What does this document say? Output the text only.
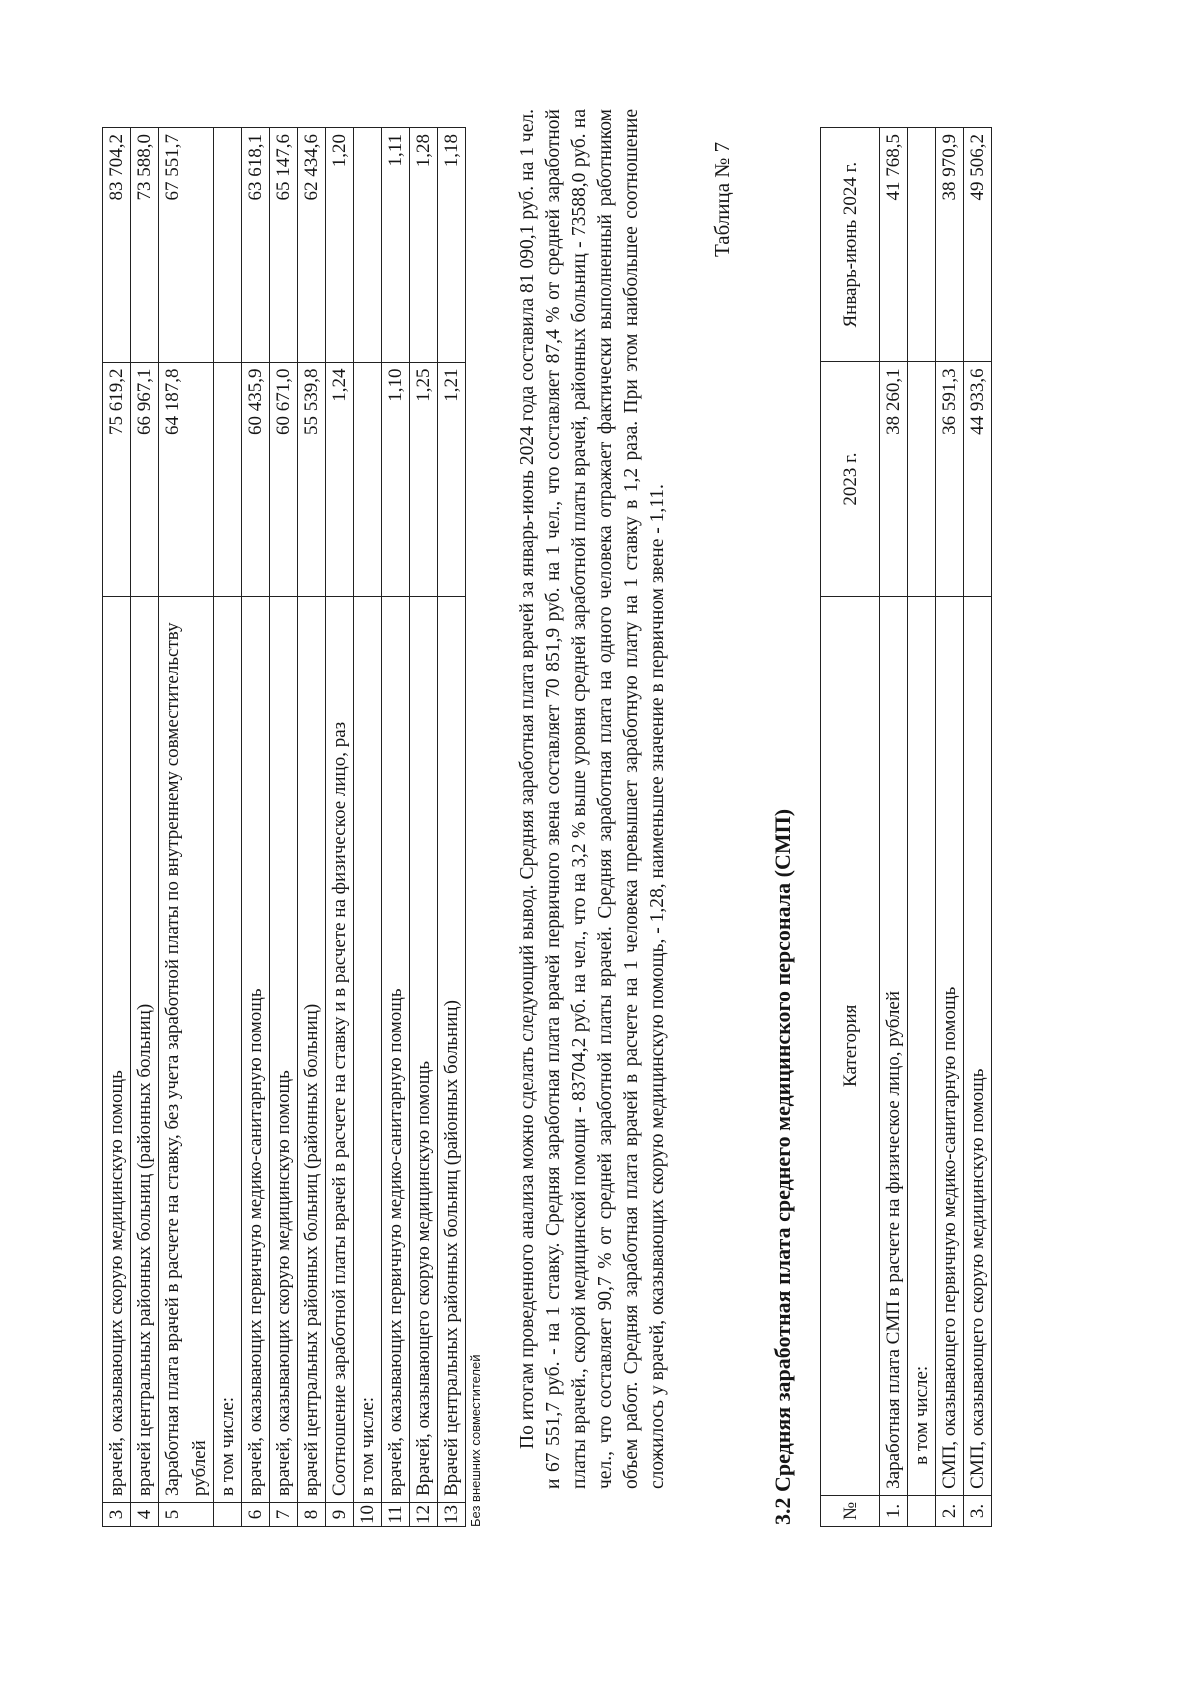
3	врачей, оказывающих скорую медицинскую помощь	75 619,2	83 704,2
4	врачей центральных районных больниц (районных больниц)	66 967,1	73 588,0
5	Заработная плата врачей в расчете на ставку, без учета заработной платы по внутреннему совместительству рублей	64 187,8	67 551,7
	в том числе:		
6	врачей, оказывающих первичную медико-санитарную помощь	60 435,9	63 618,1
7	врачей, оказывающих скорую медицинскую помощь	60 671,0	65 147,6
8	врачей центральных районных больниц (районных больниц)	55 539,8	62 434,6
9	Соотношение заработной платы врачей в расчете на ставку и в расчете на физическое лицо, раз	1,24	1,20
10	в том числе:		
11	врачей, оказывающих первичную медико-санитарную помощь	1,10	1,11
12	Врачей, оказывающего скорую медицинскую помощь	1,25	1,28
13	Врачей центральных районных больниц (районных больниц)	1,21	1,18
Без внешних совместителей По итогам проведенного анализа можно сделать следующий вывод. Средняя заработная плата врачей за январь-июнь 2024 года составила 81 090,1 руб. на 1 чел. и 67 551,7 руб. - на 1 ставку. Средняя заработная плата врачей первичного звена составляет 70 851,9 руб. на 1 чел., что составляет 87,4 % от средней заработной платы врачей., скорой медицинской помощи - 83704,2 руб. на чел., что на 3,2 % выше уровня средней заработной платы врачей, районных больниц - 73588,0 руб. на чел., что составляет 90,7 % от средней заработной платы врачей. Средняя заработная плата на одного человека отражает фактически выполненный работником объем работ. Средняя заработная плата врачей в расчете на 1 человека превышает заработную плату на 1 ставку в 1,2 раза. При этом наибольшее соотношение сложилось у врачей, оказывающих скорую медицинскую помощь, - 1,28, наименьшее значение в первичном звене - 1,11.

Таблица № 7
3.2 Средняя заработная плата среднего медицинского персонала (СМП) №	Категория	2023 г.	Январь-июнь 2024 г.
1.	Заработная плата СМП в расчете на физическое лицо, рублей	38 260,1	41 768,5
	в том числе:		
2.	СМП, оказывающего первичную медико-санитарную помощь	36 591,3	38 970,9
3.	СМП, оказывающего скорую медицинскую помощь	44 933,6	49 506,2
